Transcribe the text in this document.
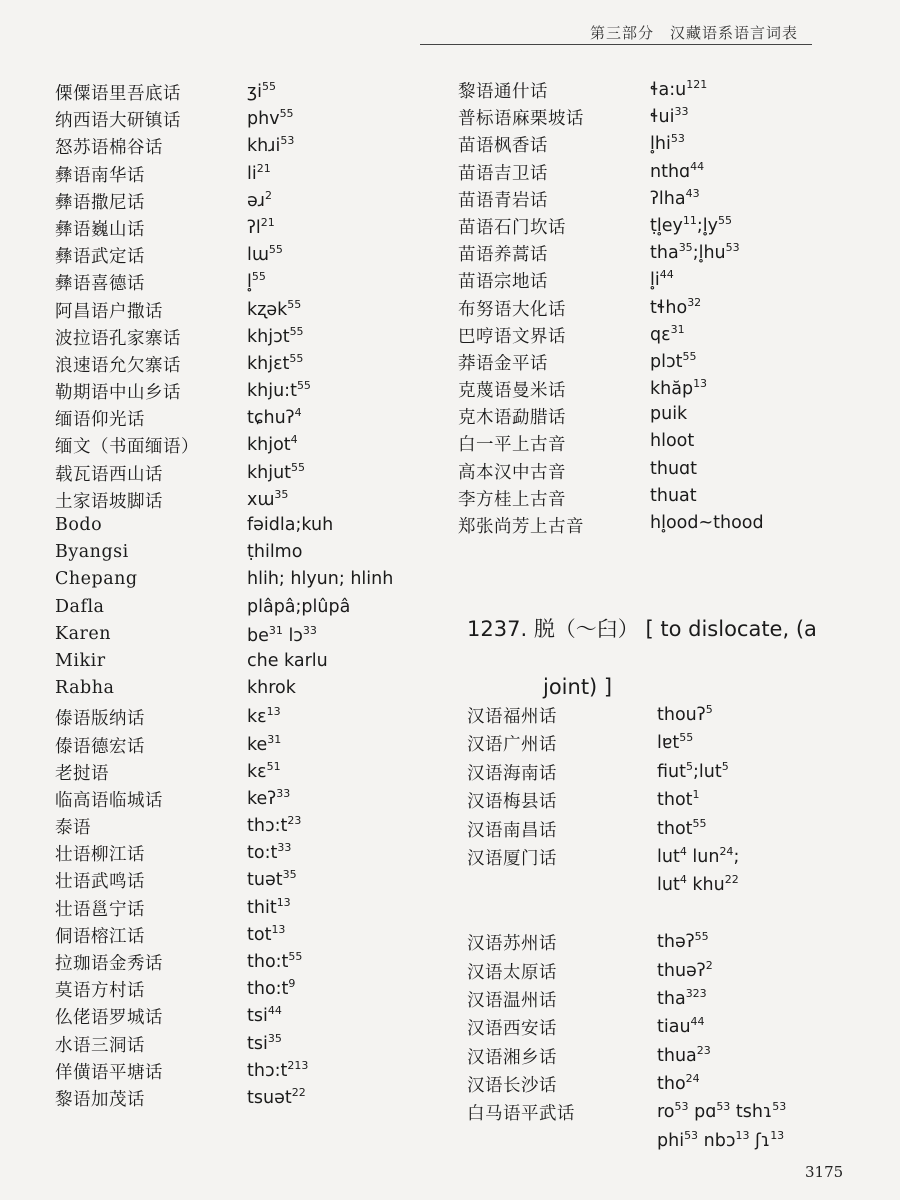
第三部分　汉藏语系语言词表
傈僳语里吾底话	ʒi$^{55}$
纳西语大研镇话	phv$^{55}$
怒苏语棉谷话	khɹi$^{53}$
彝语南华话	$li^{21}$
彝语撒尼话	əɹ$^2$
彝语巍山话	ʔl$^{21}$
彝语武定话	lɯ$^{55}$
彝语喜德话	l̥$^{55}$
阿昌语户撒话	kʐək$^{55}$
波拉语孔家寨话	khjɔt$^{55}$
浪速语允欠寨话	khjɛt$^{55}$
勒期语中山乡话	$khju:t^{55}$
缅语仰光话	tɕhuʔ$^4$
缅文（书面缅语）	khjot$^4$
载瓦语西山话	khjut$^{55}$
土家语坡脚话	xɯ$^{35}$
Bodo	fəidla;kuh
Byangsi	ṭhilmo
Chepang	hlih; hlyun; hlinh
Dafla	plâpâ;plûpâ
Karen	$be^{31}$ lɔ$^{33}$
Mikir	che karlu
Rabha	khrok
傣语版纳话	kɛ$^{13}$
傣语德宏话	$ke^{31}$
老挝语	kɛ$^{51}$
临高语临城话	keʔ$^{33}$
泰语	$thɔ:t^{23}$
壮语柳江话	$to:t^{33}$
壮语武鸣话	tuət$^{35}$
壮语邕宁话	thit$^{13}$
侗语榕江话	tot$^{13}$
拉珈语金秀话	$tho:t^{55}$
莫语方村话	$tho:t^9$
仫佬语罗城话	tsi$^{44}$
水语三洞话	tsi$^{35}$
佯僙语平塘话	$thɔ:t^{213}$
黎语加茂话	tsuət$^{22}$
黎语通什话	$ɬa:u^{121}$
普标语麻栗坡话	ɬui$^{33}$
苗语枫香话	$l̥hi^{53}$
苗语吉卫话	nthɑ$^{44}$
苗语青岩话	ʔlha$^{43}$
苗语石门坎话	$ṭl̥ey^{11};l̥y^{55}$
苗语养蒿话	$tha^{35};l̥hu^{53}$
苗语宗地话	$l̥i^{44}$
布努语大化话	tɬho$^{32}$
巴哼语文界话	qɛ$^{31}$
莽语金平话	plɔt$^{55}$
克蔑语曼米话	khăp$^{13}$
克木语勐腊话	puik
白一平上古音	hloot
高本汉中古音	thuɑt
李方桂上古音	thuat
郑张尚芳上古音	hl̥ood~thood
1237. 脱（～臼） [ to dislocate, (a
joint) ]
汉语福州话	thouʔ$^5$
汉语广州话	lɐt$^{55}$
汉语海南话	fiut$^5$;lut$^5$
汉语梅县话	thot$^1$
汉语南昌话	thot$^{55}$
汉语厦门话	lut$^4$ lun$^{24}$;
lut$^4$ khu$^{22}$
汉语苏州话	thəʔ$^{55}$
汉语太原话	thuəʔ$^2$
汉语温州话	tha$^{323}$
汉语西安话	tiau$^{44}$
汉语湘乡话	thua$^{23}$
汉语长沙话	tho$^{24}$
白马语平武话	$ro^{53}$ pɑ$^{53}$ tshɿ$^{53}$
phi$^{53}$ nbɔ$^{13}$ ʃɿ$^{13}$
3175
